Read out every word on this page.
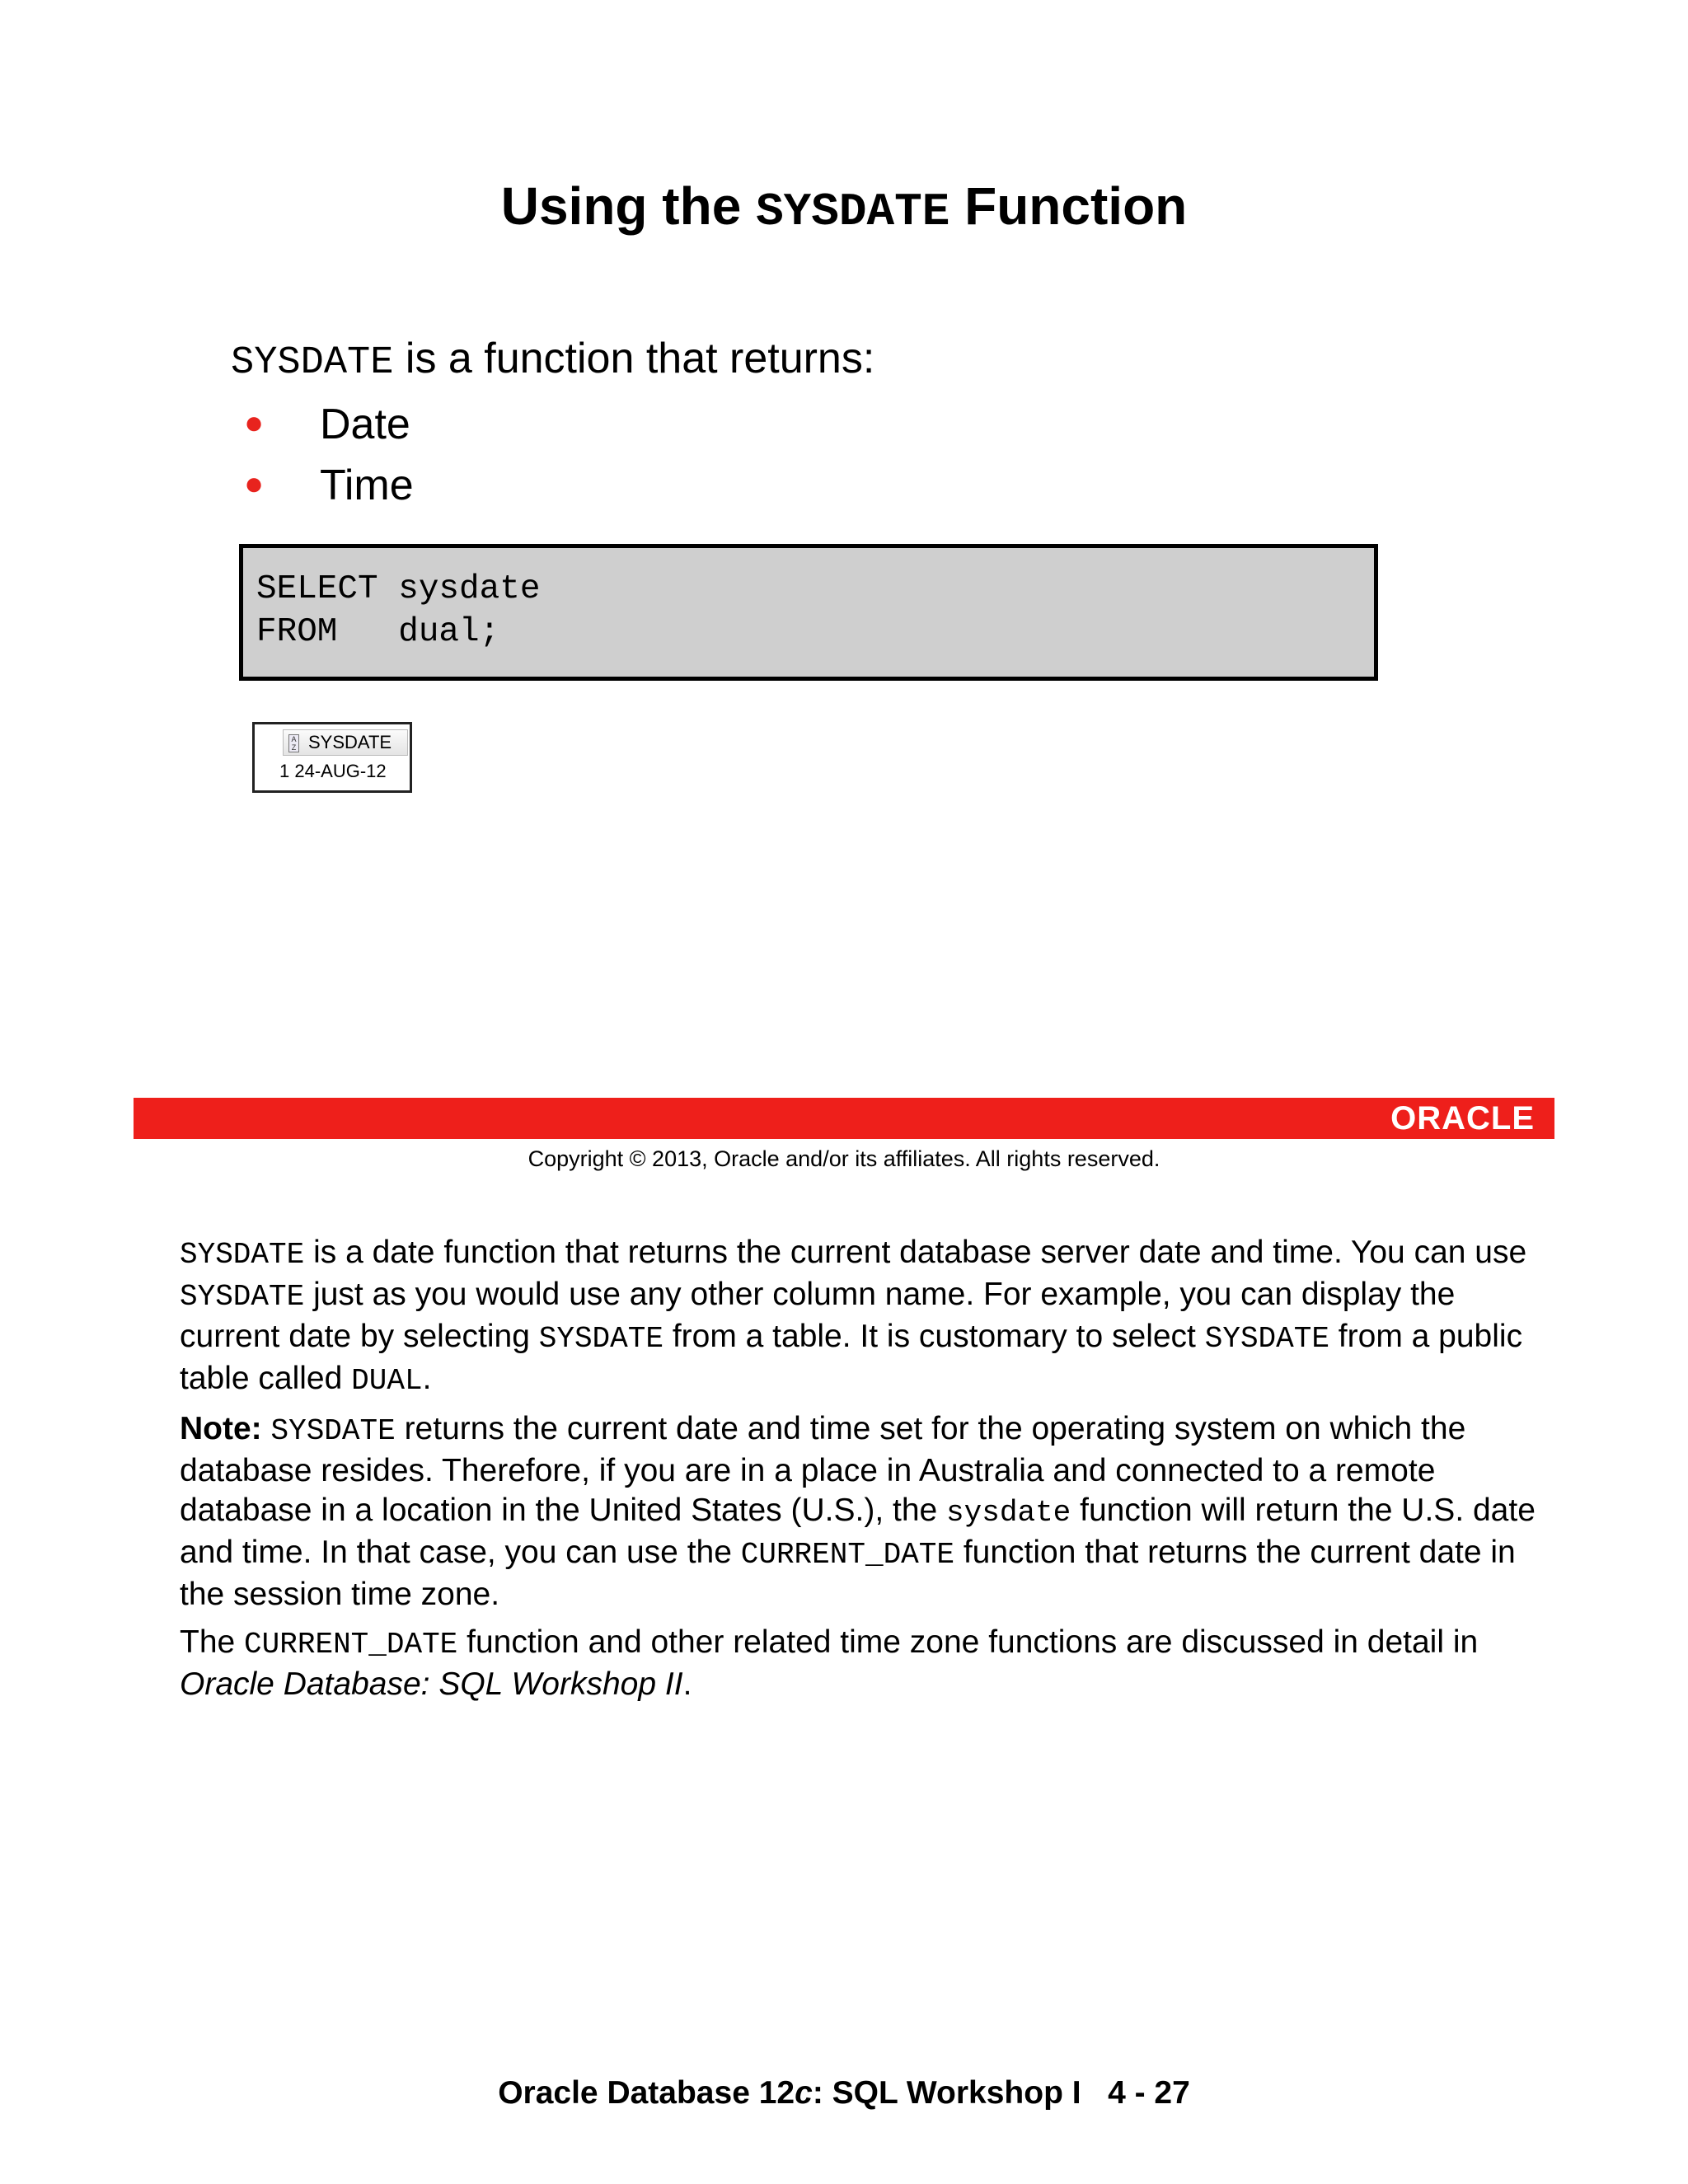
Using the SYSDATE Function
SYSDATE is a function that returns:
● Date
● Time
SELECT sysdate
FROM   dual;
A
Z SYSDATE
1 24-AUG-12
ORACLE
Copyright © 2013, Oracle and/or its affiliates. All rights reserved.

SYSDATE is a date function that returns the current database server date and time. You can use SYSDATE just as you would use any other column name. For example, you can display the current date by selecting SYSDATE from a table. It is customary to select SYSDATE from a public table called DUAL.

Note: SYSDATE returns the current date and time set for the operating system on which the database resides. Therefore, if you are in a place in Australia and connected to a remote database in a location in the United States (U.S.), the sysdate function will return the U.S. date and time. In that case, you can use the CURRENT_DATE function that returns the current date in the session time zone.

The CURRENT_DATE function and other related time zone functions are discussed in detail in Oracle Database: SQL Workshop II.

Oracle Database 12c: SQL Workshop I   4 - 27
